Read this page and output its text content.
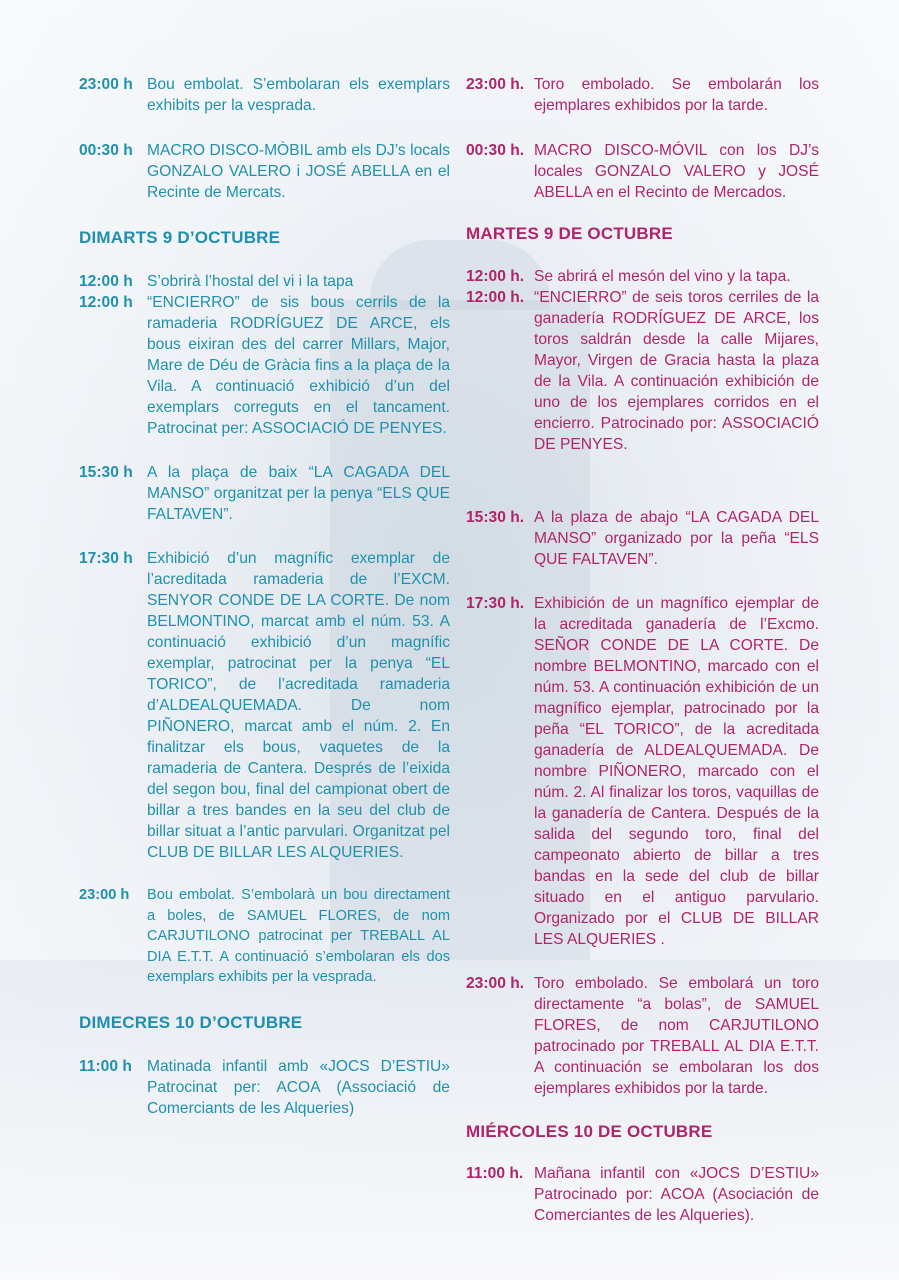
23:00 h Bou embolat. S’embolaran els exemplars exhibits per la vesprada.
00:30 h MACRO DISCO-MÒBIL amb els DJ’s locals GONZALO VALERO i JOSÉ ABELLA en el Recinte de Mercats.
DIMARTS 9 D’OCTUBRE
12:00 h S’obrirà l’hostal del vi i la tapa
12:00 h “ENCIERRO” de sis bous cerrils de la ramaderia RODRÍGUEZ DE ARCE, els bous eixiran des del carrer Millars, Major, Mare de Déu de Gràcia fins a la plaça de la Vila. A continuació exhibició d’un del exemplars correguts en el tancament. Patrocinat per: ASSOCIACIÓ DE PENYES.
15:30 h A la plaça de baix “LA CAGADA DEL MANSO” organitzat per la penya “ELS QUE FALTAVEN”.
17:30 h Exhibició d’un magnífic exemplar de l’acreditada ramaderia de l’EXCM. SENYOR CONDE DE LA CORTE. De nom BELMONTINO, marcat amb el núm. 53. A continuació exhibició d’un magnífic exemplar, patrocinat per la penya “EL TORICO”, de l’acreditada ramaderia d’ALDEALQUEMADA. De nom PIÑONERO, marcat amb el núm. 2. En finalitzar els bous, vaquetes de la ramaderia de Cantera. Després de l’eixida del segon bou, final del campionat obert de billar a tres bandes en la seu del club de billar situat a l’antic parvulari. Organitzat pel CLUB DE BILLAR LES ALQUERIES.
23:00 h	Bou embolat. S’embolarà un bou directament a boles, de SAMUEL FLORES, de nom CARJUTILONO patrocinat per TREBALL AL DIA E.T.T. A continuació s’embolaran els dos exemplars exhibits per la vesprada.
DIMECRES 10 D’OCTUBRE
11:00 h Matinada infantil amb «JOCS D’ESTIU» Patrocinat per: ACOA (Associació de Comerciants de les Alqueries)
23:00 h. Toro embolado. Se embolarán los ejemplares exhibidos por la tarde.
00:30 h. MACRO DISCO-MÓVIL con los DJ’s locales GONZALO VALERO y JOSÉ ABELLA en el Recinto de Mercados.
MARTES 9 DE OCTUBRE
12:00 h. Se abrirá el mesón del vino y la tapa.
12:00 h. “ENCIERRO” de seis toros cerriles de la ganadería RODRÍGUEZ DE ARCE, los toros saldrán desde la calle Mijares, Mayor, Virgen de Gracia hasta la plaza de la Vila. A continuación exhibición de uno de los ejemplares corridos en el encierro. Patrocinado por: ASSOCIACIÓ DE PENYES.
15:30 h. A la plaza de abajo “LA CAGADA DEL MANSO” organizado por la peña “ELS QUE FALTAVEN”.
17:30 h. Exhibición de un magnífico ejemplar de la acreditada ganadería de l’Excmo. SEÑOR CONDE DE LA CORTE. De nombre BELMONTINO, marcado con el núm. 53. A continuación exhibición de un magnífico ejemplar, patrocinado por la peña “EL TORICO”, de la acreditada ganadería de ALDEALQUEMADA. De nombre PIÑONERO, marcado con el núm. 2. Al finalizar los toros, vaquillas de la ganadería de Cantera. Después de la salida del segundo toro, final del campeonato abierto de billar a tres bandas en la sede del club de billar situado en el antiguo parvulario. Organizado por el CLUB DE BILLAR LES ALQUERIES .
23:00 h. Toro embolado. Se embolará un toro directamente “a bolas”, de SAMUEL FLORES, de nom CARJUTILONO patrocinado por TREBALL AL DIA E.T.T. A continuación se embolaran los dos ejemplares exhibidos por la tarde.
MIÉRCOLES 10 DE OCTUBRE
11:00 h. Mañana infantil con «JOCS D’ESTIU» Patrocinado por: ACOA (Asociación de Comerciantes de les Alqueries).
